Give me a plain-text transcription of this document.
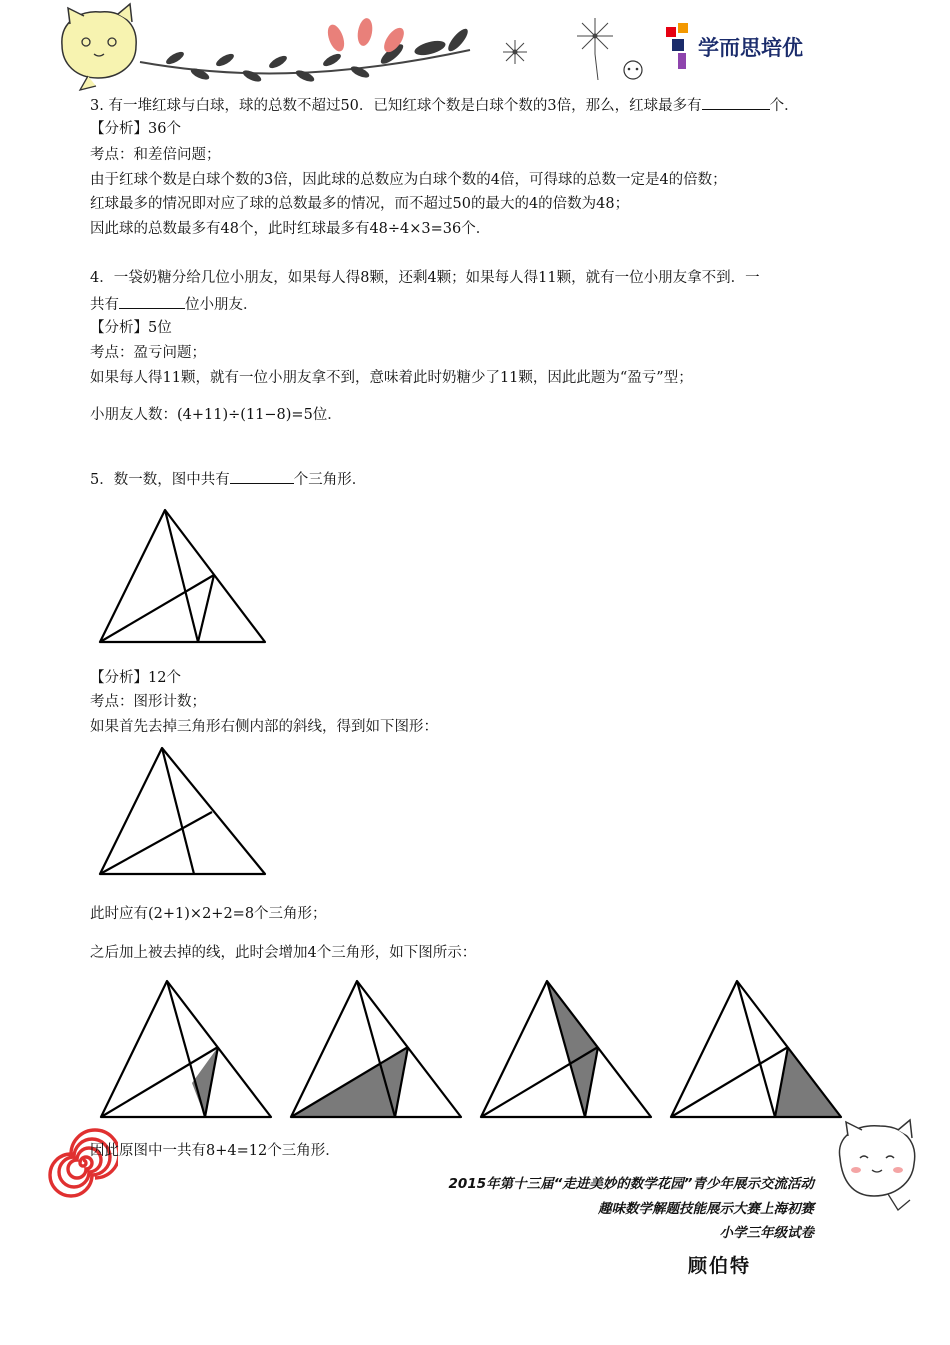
学而思培优
3. 有一堆红球与白球，球的总数不超过50．已知红球个数是白球个数的3倍，那么，红球最多有	个．
【分析】36个
考点：和差倍问题；
由于红球个数是白球个数的3倍，因此球的总数应为白球个数的4倍，可得球的总数一定是4的倍数；
红球最多的情况即对应了球的总数最多的情况，而不超过50的最大的4的倍数为48；
因此球的总数最多有48个，此时红球最多有48÷4×3=36个．
4．一袋奶糖分给几位小朋友，如果每人得8颗，还剩4颗；如果每人得11颗，就有一位小朋友拿不到．一
共有	位小朋友．
【分析】5位
考点：盈亏问题；
如果每人得11颗，就有一位小朋友拿不到，意味着此时奶糖少了11颗，因此此题为“盈亏”型；
小朋友人数：(4+11)÷(11−8)=5位．
5．数一数，图中共有	个三角形．
【分析】12个
考点：图形计数；
如果首先去掉三角形右侧内部的斜线，得到如下图形：
此时应有(2+1)×2+2=8个三角形；
之后加上被去掉的线，此时会增加4个三角形，如下图所示：
因此原图中一共有8+4=12个三角形．
2015年第十三届“走进美妙的数学花园”青少年展示交流活动
趣味数学解题技能展示大赛上海初赛
小学三年级试卷
顾伯特
